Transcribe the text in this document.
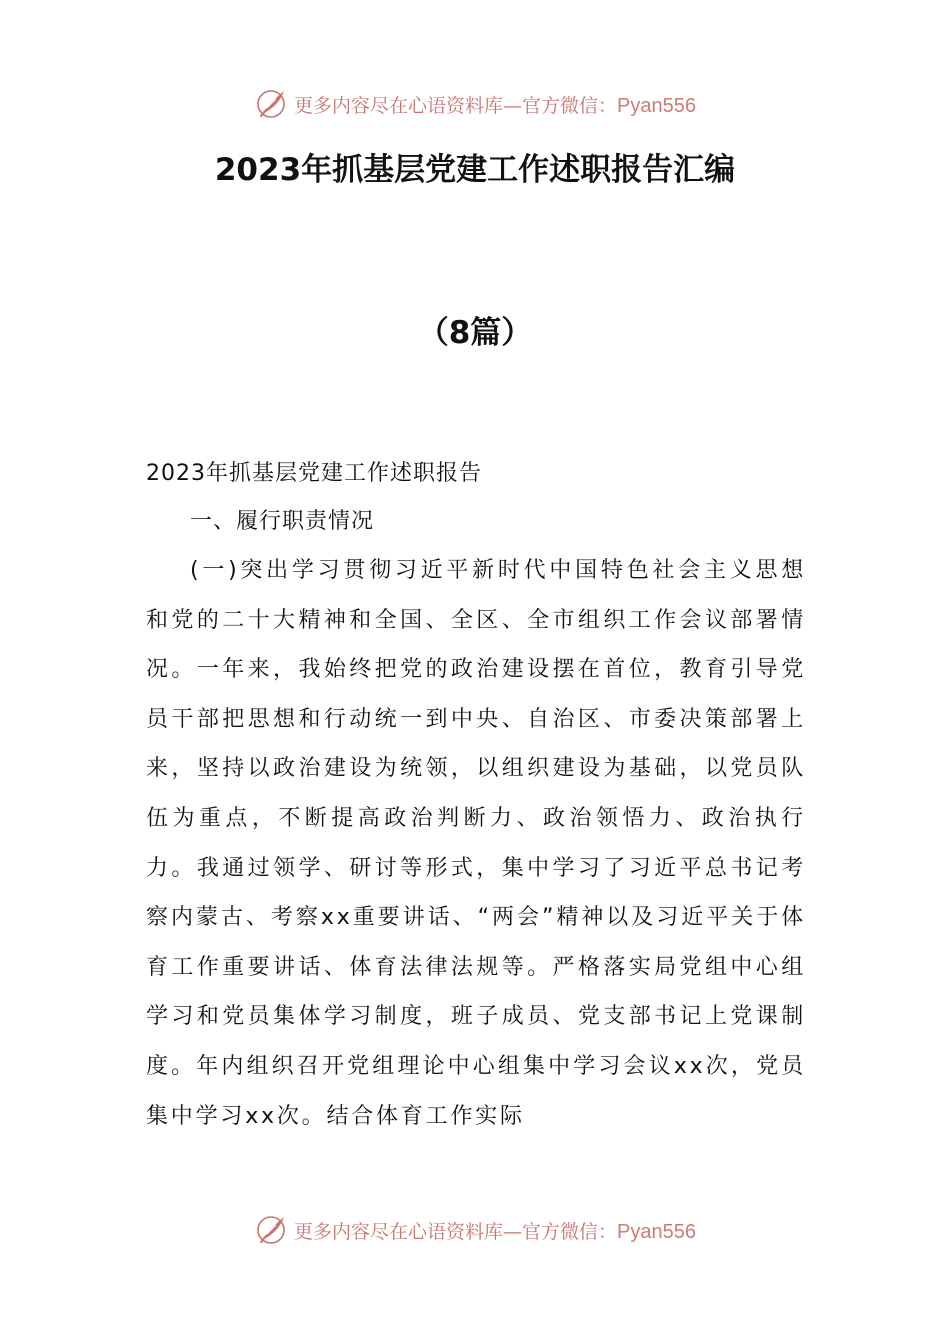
更多内容尽在心语资料库—官方微信：Pyan556
2023年抓基层党建工作述职报告汇编
（8篇）

2023年抓基层党建工作述职报告

一、履行职责情况

(一)突出学习贯彻习近平新时代中国特色社会主义思想和党的二十大精神和全国、全区、全市组织工作会议部署情况。一年来，我始终把党的政治建设摆在首位，教育引导党员干部把思想和行动统一到中央、自治区、市委决策部署上来，坚持以政治建设为统领，以组织建设为基础，以党员队伍为重点，不断提高政治判断力、政治领悟力、政治执行力。我通过领学、研讨等形式，集中学习了习近平总书记考察内蒙古、考察xx重要讲话、“两会”精神以及习近平关于体育工作重要讲话、体育法律法规等。严格落实局党组中心组学习和党员集体学习制度，班子成员、党支部书记上党课制度。年内组织召开党组理论中心组集中学习会议xx次，党员集中学习xx次。结合体育工作实际

更多内容尽在心语资料库—官方微信：Pyan556
